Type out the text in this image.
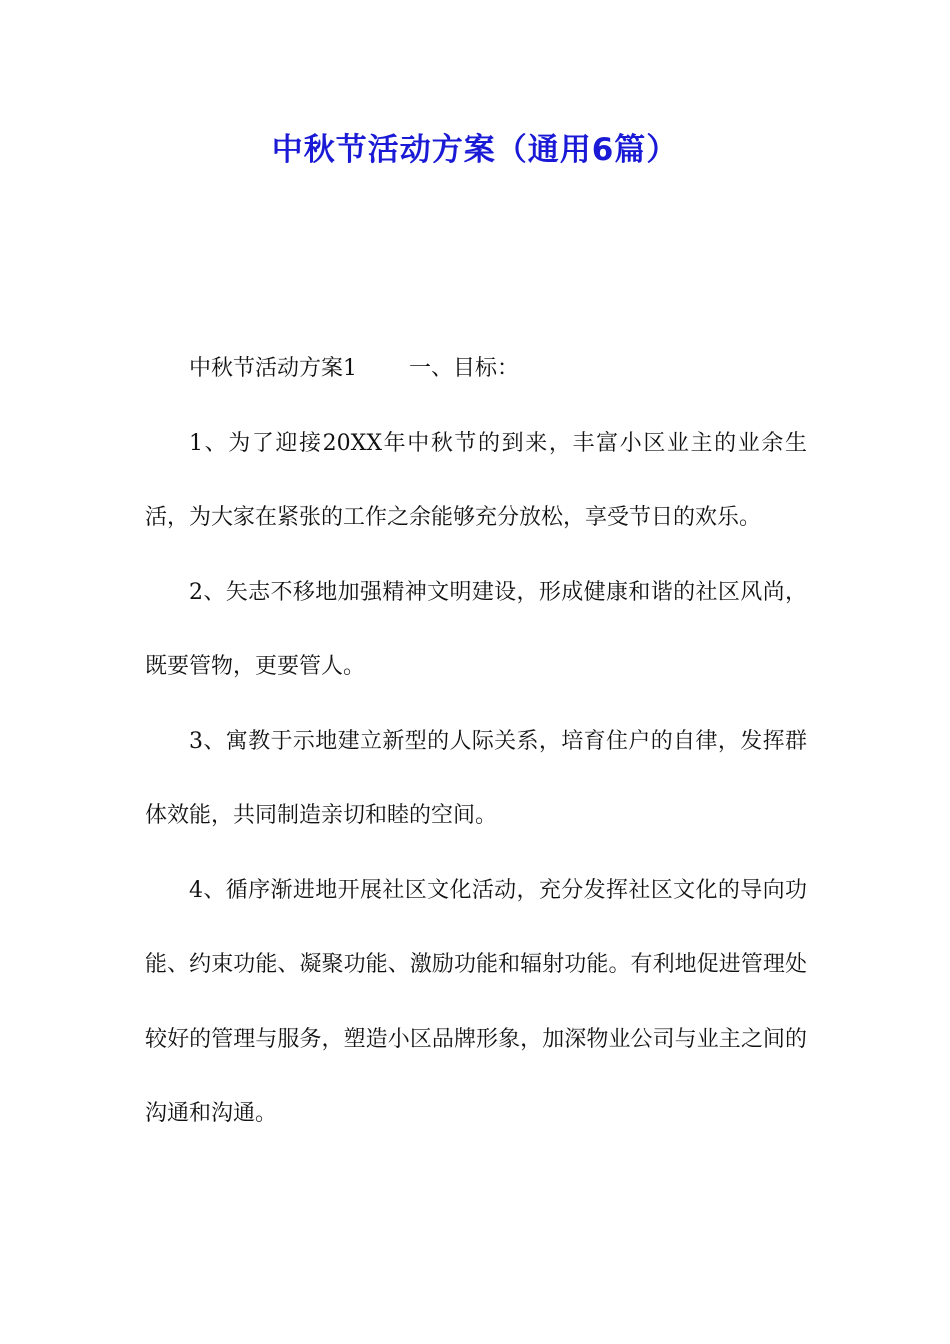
中秋节活动方案（通用6篇）

中秋节活动方案1 一、目标：

1、为了迎接20XX年中秋节的到来，丰富小区业主的业余生活，为大家在紧张的工作之余能够充分放松，享受节日的欢乐。

2、矢志不移地加强精神文明建设，形成健康和谐的社区风尚，既要管物，更要管人。

3、寓教于示地建立新型的人际关系，培育住户的自律，发挥群体效能，共同制造亲切和睦的空间。

4、循序渐进地开展社区文化活动，充分发挥社区文化的导向功能、约束功能、凝聚功能、激励功能和辐射功能。有利地促进管理处较好的管理与服务，塑造小区品牌形象，加深物业公司与业主之间的沟通和沟通。
